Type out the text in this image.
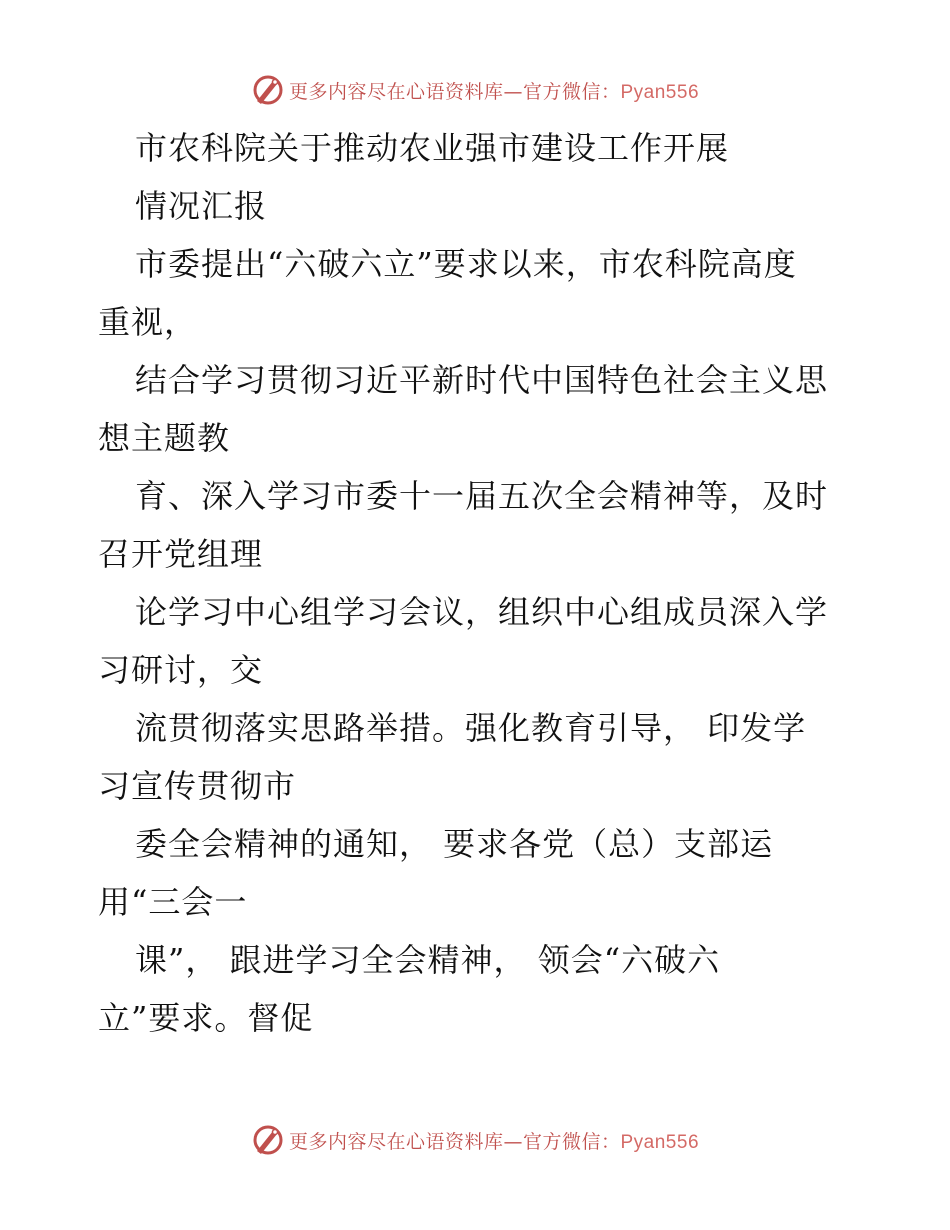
更多内容尽在心语资料库—官方微信：Pyan556
市农科院关于推动农业强市建设工作开展
情况汇报
市委提出“六破六立”要求以来，市农科院高度
重视，
结合学习贯彻习近平新时代中国特色社会主义思
想主题教
育、深入学习市委十一届五次全会精神等，及时
召开党组理
论学习中心组学习会议，组织中心组成员深入学
习研讨，交
流贯彻落实思路举措。强化教育引导， 印发学
习宣传贯彻市
委全会精神的通知， 要求各党（总）支部运
用“三会一
课”， 跟进学习全会精神， 领会“六破六
立”要求。督促
更多内容尽在心语资料库—官方微信：Pyan556
